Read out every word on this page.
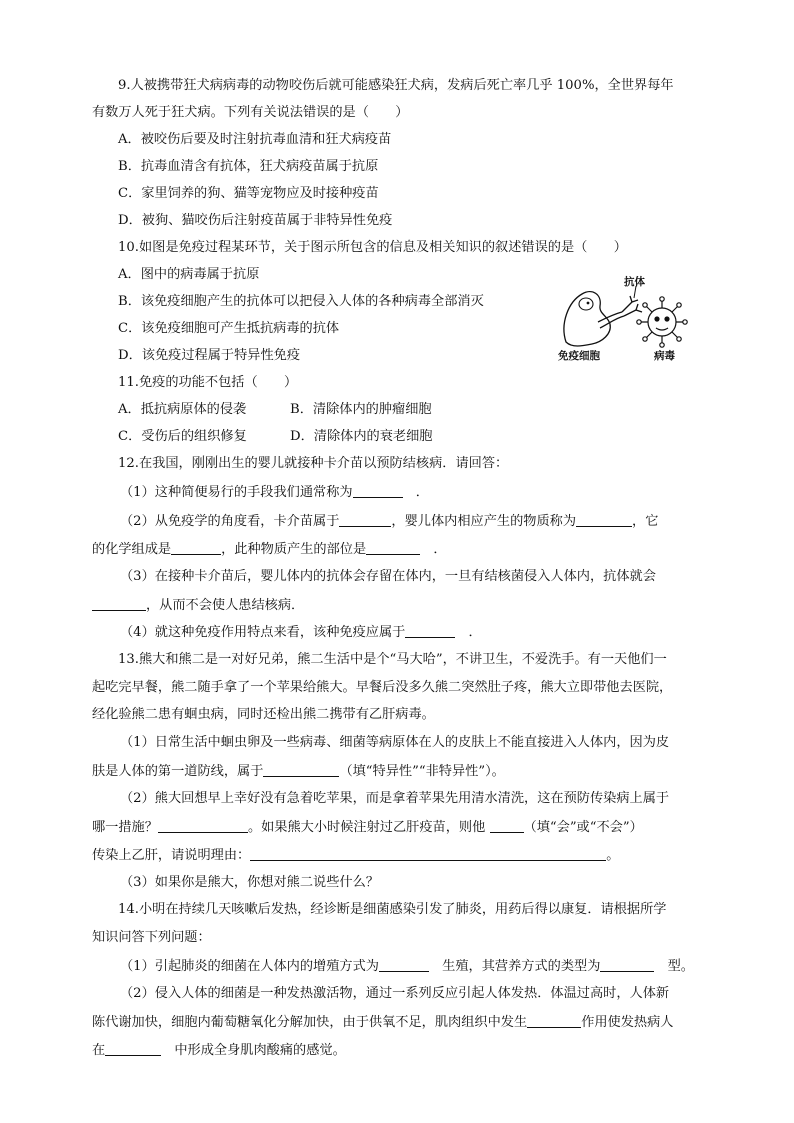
9.人被携带狂犬病病毒的动物咬伤后就可能感染狂犬病，发病后死亡率几乎 100%，全世界每年
有数万人死于狂犬病。下列有关说法错误的是（　　）
A．被咬伤后要及时注射抗毒血清和狂犬病疫苗
B．抗毒血清含有抗体，狂犬病疫苗属于抗原
C．家里饲养的狗、猫等宠物应及时接种疫苗
D．被狗、猫咬伤后注射疫苗属于非特异性免疫
10.如图是免疫过程某环节，关于图示所包含的信息及相关知识的叙述错误的是（　　）
A．图中的病毒属于抗原
B．该免疫细胞产生的抗体可以把侵入人体的各种病毒全部消灭
C．该免疫细胞可产生抵抗病毒的抗体
D．该免疫过程属于特异性免疫
抗体
免疫细胞	病毒
11.免疫的功能不包括（　　）
A．抵抗病原体的侵袭	B．清除体内的肿瘤细胞
C．受伤后的组织修复	D．清除体内的衰老细胞
12.在我国，刚刚出生的婴儿就接种卡介苗以预防结核病．请回答：
（1）这种简便易行的手段我们通常称为　	．
（2）从免疫学的角度看，卡介苗属于	，婴儿体内相应产生的物质称为	，它
的化学组成是	，此种物质产生的部位是　	．
（3）在接种卡介苗后，婴儿体内的抗体会存留在体内，一旦有结核菌侵入人体内，抗体就会
，从而不会使人患结核病．
（4）就这种免疫作用特点来看，该种免疫应属于　	．
13.熊大和熊二是一对好兄弟，熊二生活中是个“马大哈”，不讲卫生，不爱洗手。有一天他们一
起吃完早餐，熊二随手拿了一个苹果给熊大。早餐后没多久熊二突然肚子疼，熊大立即带他去医院，
经化验熊二患有蛔虫病，同时还检出熊二携带有乙肝病毒。
（1）日常生活中蛔虫卵及一些病毒、细菌等病原体在人的皮肤上不能直接进入人体内，因为皮
肤是人体的第一道防线，属于	（填“特异性”“非特异性”）。
（2）熊大回想早上幸好没有急着吃苹果，而是拿着苹果先用清水清洗，这在预防传染病上属于
哪一措施？	。如果熊大小时候注射过乙肝疫苗，则他	（填“会”或“不会”）
传染上乙肝，请说明理由：	。
（3）如果你是熊大，你想对熊二说些什么？
14.小明在持续几天咳嗽后发热，经诊断是细菌感染引发了肺炎，用药后得以康复．请根据所学
知识问答下列问题：
（1）引起肺炎的细菌在人体内的增殖方式为　	生殖，其营养方式的类型为　	型。
（2）侵入人体的细菌是一种发热激活物，通过一系列反应引起人体发热．体温过高时，人体新
陈代谢加快，细胞内葡萄糖氧化分解加快，由于供氧不足，肌肉组织中发生	作用使发热病人
在　	中形成全身肌肉酸痛的感觉。
